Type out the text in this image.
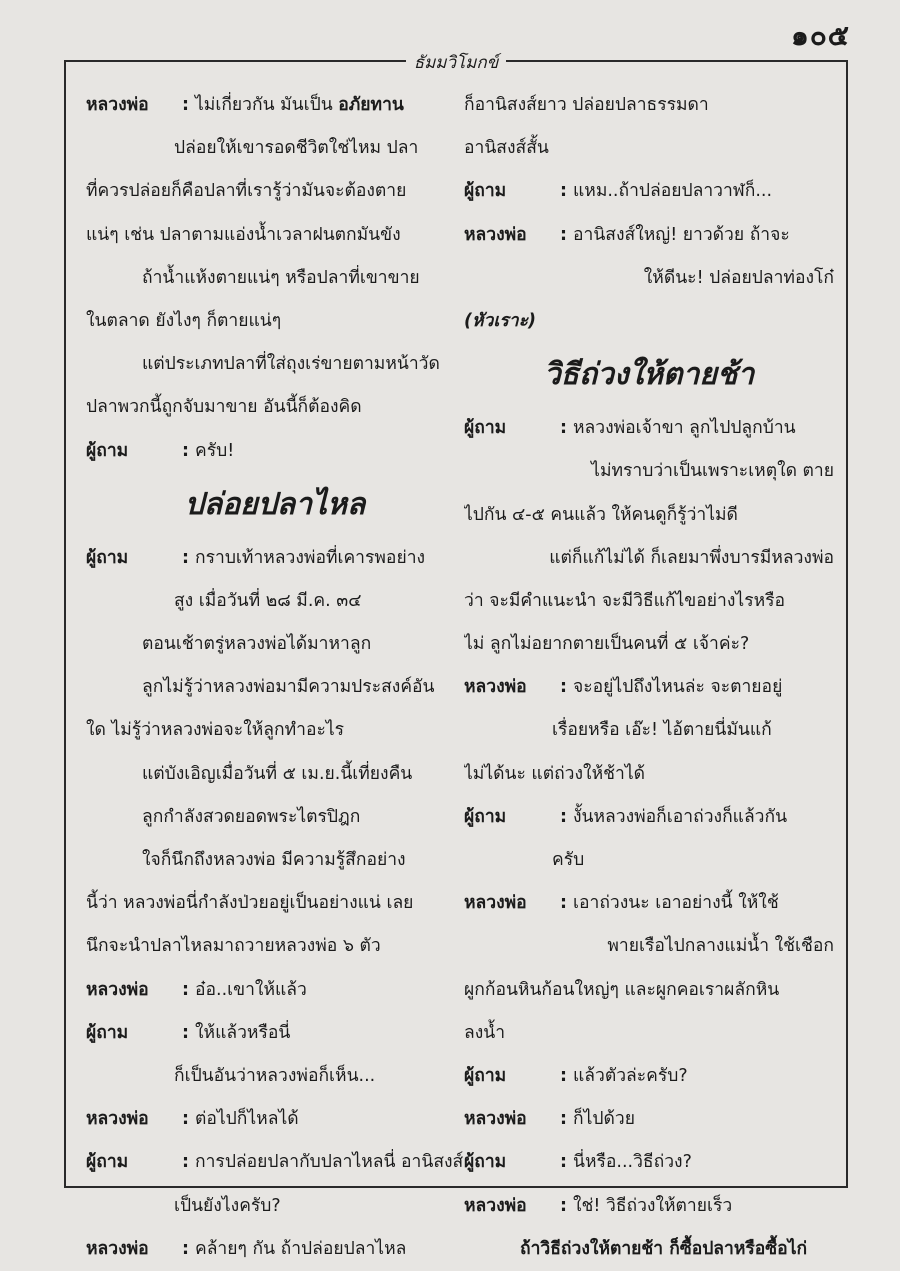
๑๐๕
ธัมมวิโมกข์
หลวงพ่อ : ไม่เกี่ยวกัน มันเป็น อภัยทาน
ปล่อยให้เขารอดชีวิตใช่ไหม ปลา
ที่ควรปล่อยก็คือปลาที่เรารู้ว่ามันจะต้องตาย
แน่ๆ เช่น ปลาตามแอ่งน้ำเวลาฝนตกมันขัง
ถ้าน้ำแห้งตายแน่ๆ หรือปลาที่เขาขาย
ในตลาด ยังไงๆ ก็ตายแน่ๆ
แต่ประเภทปลาที่ใส่ถุงเร่ขายตามหน้าวัด
ปลาพวกนี้ถูกจับมาขาย อันนี้ก็ต้องคิด
ผู้ถาม	: ครับ!
ปล่อยปลาไหล
ผู้ถาม	: กราบเท้าหลวงพ่อที่เคารพอย่าง
สูง เมื่อวันที่ ๒๘ มี.ค. ๓๔
ตอนเช้าตรู่หลวงพ่อได้มาหาลูก
ลูกไม่รู้ว่าหลวงพ่อมามีความประสงค์อัน
ใด ไม่รู้ว่าหลวงพ่อจะให้ลูกทำอะไร
แต่บังเอิญเมื่อวันที่ ๕ เม.ย.นี้เที่ยงคืน
ลูกกำลังสวดยอดพระไตรปิฎก
ใจก็นึกถึงหลวงพ่อ มีความรู้สึกอย่าง
นี้ว่า หลวงพ่อนี่กำลังป่วยอยู่เป็นอย่างแน่ เลย
นึกจะนำปลาไหลมาถวายหลวงพ่อ ๖ ตัว
หลวงพ่อ : อ๋อ..เขาให้แล้ว
ผู้ถาม	: ให้แล้วหรือนี่
ก็เป็นอันว่าหลวงพ่อก็เห็น...
หลวงพ่อ : ต่อไปก็ไหลได้
ผู้ถาม	: การปล่อยปลากับปลาไหลนี่ อานิสงส์
เป็นยังไงครับ?
หลวงพ่อ : คล้ายๆ กัน ถ้าปล่อยปลาไหล
ก็อานิสงส์ยาว ปล่อยปลาธรรมดา
อานิสงส์สั้น
ผู้ถาม	: แหม..ถ้าปล่อยปลาวาฬก็...
หลวงพ่อ : อานิสงส์ใหญ่! ยาวด้วย ถ้าจะ
ให้ดีนะ! ปล่อยปลาท่องโก๋
(หัวเราะ)
วิธีถ่วงให้ตายช้า
ผู้ถาม	: หลวงพ่อเจ้าขา ลูกไปปลูกบ้าน
ไม่ทราบว่าเป็นเพราะเหตุใด ตาย
ไปกัน ๔-๕ คนแล้ว ให้คนดูก็รู้ว่าไม่ดี
แต่ก็แก้ไม่ได้ ก็เลยมาพึ่งบารมีหลวงพ่อ
ว่า จะมีคำแนะนำ จะมีวิธีแก้ไขอย่างไรหรือ
ไม่ ลูกไม่อยากตายเป็นคนที่ ๕ เจ้าค่ะ?
หลวงพ่อ : จะอยู่ไปถึงไหนล่ะ จะตายอยู่
เรื่อยหรือ เอ๊ะ! ไอ้ตายนี่มันแก้
ไม่ได้นะ แต่ถ่วงให้ช้าได้
ผู้ถาม	: งั้นหลวงพ่อก็เอาถ่วงก็แล้วกัน
ครับ
หลวงพ่อ : เอาถ่วงนะ เอาอย่างนี้ ให้ใช้
พายเรือไปกลางแม่น้ำ ใช้เชือก
ผูกก้อนหินก้อนใหญ่ๆ และผูกคอเราผลักหิน
ลงน้ำ
ผู้ถาม	: แล้วตัวล่ะครับ?
หลวงพ่อ : ก็ไปด้วย
ผู้ถาม	: นี่หรือ...วิธีถ่วง?
หลวงพ่อ : ใช่! วิธีถ่วงให้ตายเร็ว
ถ้าวิธีถ่วงให้ตายช้า ก็ซื้อปลาหรือซื้อไก่
